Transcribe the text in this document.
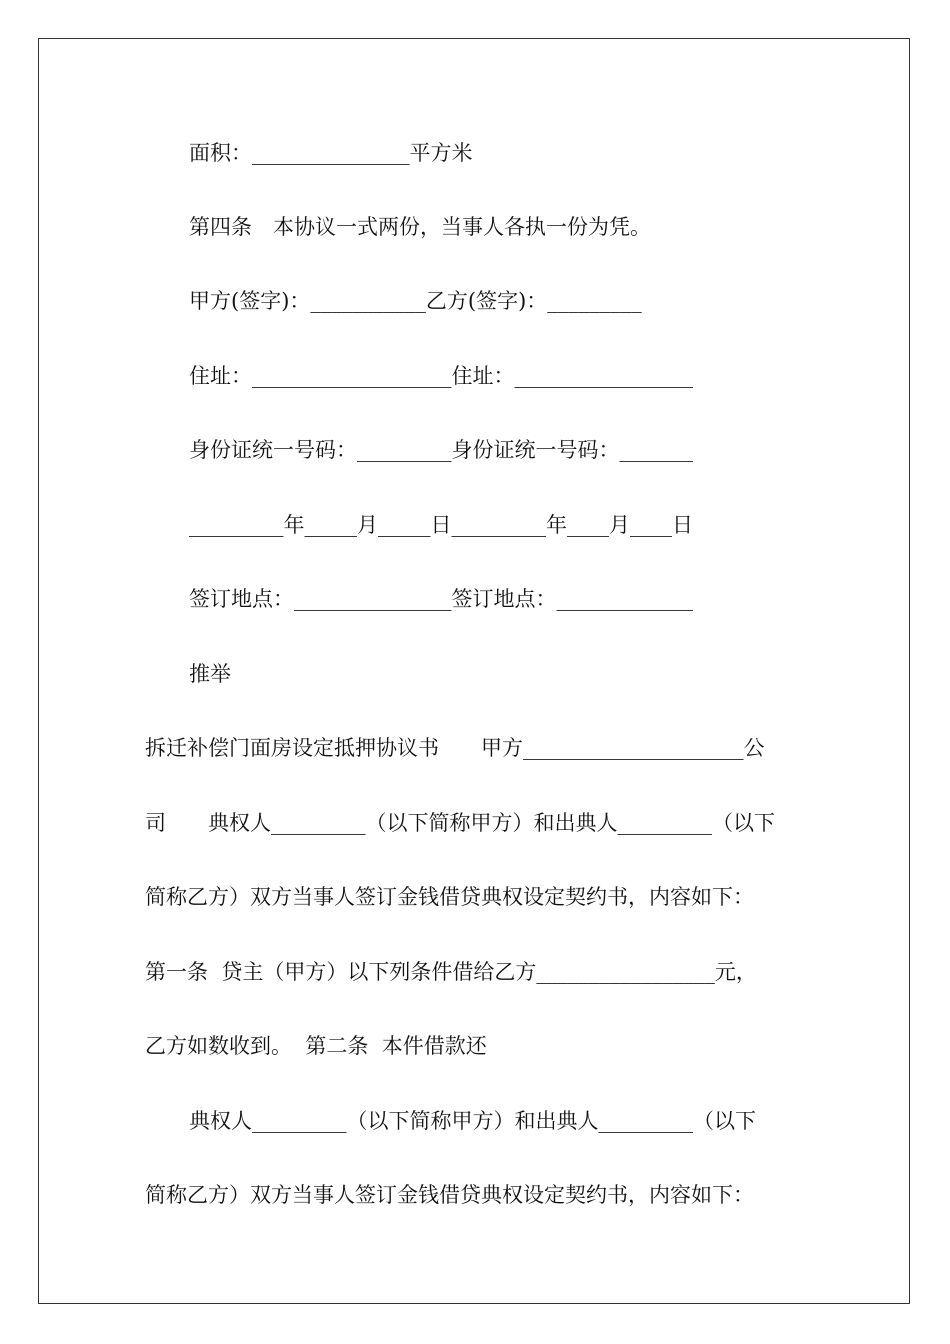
面积：_______________平方米
第四条　本协议一式两份，当事人各执一份为凭。
甲方(签字)：___________乙方(签字)：_________
住址：___________________住址：_________________
身份证统一号码：_________身份证统一号码：_______
_________年_____月_____日_________年____月____日
签订地点：_______________签订地点：_____________
推举
拆迁补偿门面房设定抵押协议书　　甲方_____________________公
司　　典权人_________（以下简称甲方）和出典人_________（以下
简称乙方）双方当事人签订金钱借贷典权设定契约书，内容如下：
第一条  贷主（甲方）以下列条件借给乙方_________________元，
乙方如数收到。  第二条  本件借款还
典权人_________（以下简称甲方）和出典人_________（以下
简称乙方）双方当事人签订金钱借贷典权设定契约书，内容如下：
